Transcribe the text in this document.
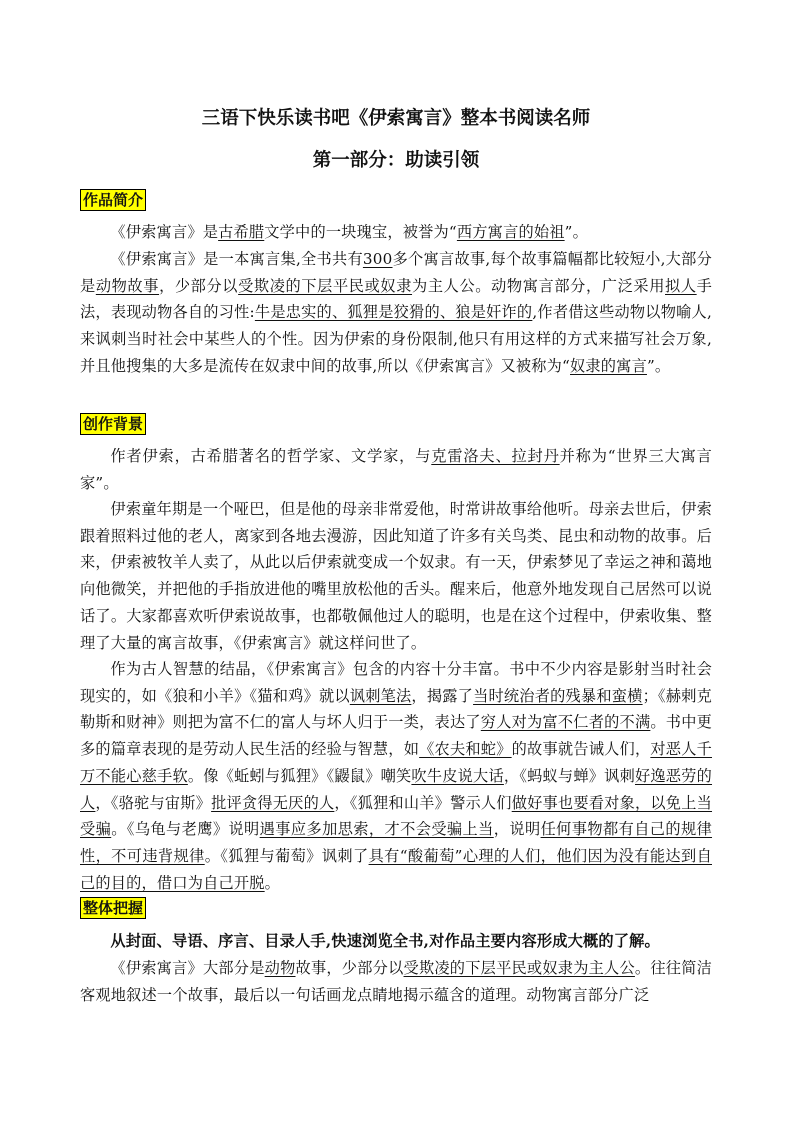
三语下快乐读书吧《伊索寓言》整本书阅读名师
第一部分：助读引领
作品简介

《伊索寓言》是古希腊文学中的一块瑰宝，被誉为“西方寓言的始祖”。

《伊索寓言》是一本寓言集,全书共有300多个寓言故事,每个故事篇幅都比较短小,大部分是动物故事，少部分以受欺凌的下层平民或奴隶为主人公。动物寓言部分，广泛采用拟人手法，表现动物各自的习性:牛是忠实的、狐狸是狡猾的、狼是奸诈的,作者借这些动物以物喻人,来讽刺当时社会中某些人的个性。因为伊索的身份限制,他只有用这样的方式来描写社会万象,并且他搜集的大多是流传在奴隶中间的故事,所以《伊索寓言》又被称为“奴隶的寓言”。

创作背景

作者伊索，古希腊著名的哲学家、文学家，与克雷洛夫、拉封丹并称为“世界三大寓言家”。

伊索童年期是一个哑巴，但是他的母亲非常爱他，时常讲故事给他听。母亲去世后，伊索跟着照料过他的老人，离家到各地去漫游，因此知道了许多有关鸟类、昆虫和动物的故事。后来，伊索被牧羊人卖了，从此以后伊索就变成一个奴隶。有一天，伊索梦见了幸运之神和蔼地向他微笑，并把他的手指放进他的嘴里放松他的舌头。醒来后，他意外地发现自己居然可以说话了。大家都喜欢听伊索说故事，也都敬佩他过人的聪明，也是在这个过程中，伊索收集、整理了大量的寓言故事，《伊索寓言》就这样问世了。

作为古人智慧的结晶，《伊索寓言》包含的内容十分丰富。书中不少内容是影射当时社会现实的，如《狼和小羊》《猫和鸡》就以讽刺笔法，揭露了当时统治者的残暴和蛮横；《赫剌克勒斯和财神》则把为富不仁的富人与坏人归于一类，表达了穷人对为富不仁者的不满。书中更多的篇章表现的是劳动人民生活的经验与智慧，如《农夫和蛇》的故事就告诫人们，对恶人千万不能心慈手软。像《蚯蚓与狐狸》《鼹鼠》嘲笑吹牛皮说大话，《蚂蚁与蝉》讽刺好逸恶劳的人，《骆驼与宙斯》批评贪得无厌的人，《狐狸和山羊》警示人们做好事也要看对象，以免上当受骗。《乌龟与老鹰》说明遇事应多加思索，才不会受骗上当，说明任何事物都有自己的规律性，不可违背规律。《狐狸与葡萄》讽刺了具有“酸葡萄”心理的人们，他们因为没有能达到自己的目的，借口为自己开脱。

整体把握

从封面、导语、序言、目录人手,快速浏览全书,对作品主要内容形成大概的了解。

《伊索寓言》大部分是动物故事，少部分以受欺凌的下层平民或奴隶为主人公。往往简洁客观地叙述一个故事，最后以一句话画龙点睛地揭示蕴含的道理。动物寓言部分广泛
